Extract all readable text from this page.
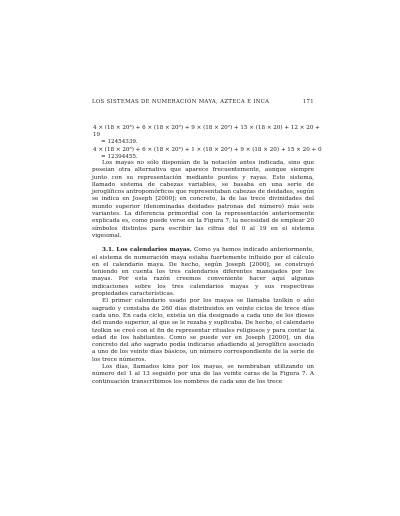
LOS SISTEMAS DE NUMERACIÓN MAYA, AZTECA E INCA	171
4 × (18 × 20³) + 6 × (18 × 20²) + 9 × (18 × 20²) + 15 × (18 × 20) + 12 × 20 + 19
= 12454339.
4 × (18 × 20³) + 6 × (18 × 20²) + 1 × (18 × 20²) + 9 × (18 × 20) + 15 × 20 + 0
= 12394455.

Los mayas no sólo disponían de la notación antes indicada, sino que poseían otra alternativa que aparece frecuentemente, aunque siempre junto con su representación mediante puntos y rayas. Este sistema, llamado sistema de cabezas variables, se basaba en una serie de jeroglíficos antropomórficos que representaban cabezas de deidades, según se indica en Joseph [2000]; en concreto, la de las trece divinidades del mundo superior (denominadas deidades patronas del número) más seis variantes. La diferencia primordial con la representación anteriormente explicada es, como puede verse en la Figura 7, la necesidad de emplear 20 símbolos distintos para escribir las cifras del 0 al 19 en el sistema vigesimal.

3.1. Los calendarios mayas. Como ya hemos indicado anteriormente, el sistema de numeración maya estaba fuertemente influido por el cálculo en el calendario maya. De hecho, según Joseph [2000], se construyó teniendo en cuenta los tres calendarios diferentes manejados por los mayas. Por esta razón creemos conveniente hacer aquí algunas indicaciones sobre los tres calendarios mayas y sus respectivas propiedades características.

El primer calendario usado por los mayas se llamaba tzolkin o año sagrado y constaba de 260 días distribuidos en veinte ciclos de trece días cada uno. En cada ciclo, existía un día designado a cada uno de los dioses del mundo superior, al que se le rezaba y suplicaba. De hecho, el calendario tzolkin se creó con el fin de representar rituales religiosos y para contar la edad de los habitantes. Como se puede ver en Joseph [2000], un día concreto del año sagrado podía indicarse añadiendo al jeroglífico asociado a uno de los veinte días básicos, un número correspondiente de la serie de los trece números.

Los días, llamados kins por los mayas, se nombraban utilizando un número del 1 al 13 seguido por una de las veinte caras de la Figura 7. A continuación transcribimos los nombres de cada uno de los trece
